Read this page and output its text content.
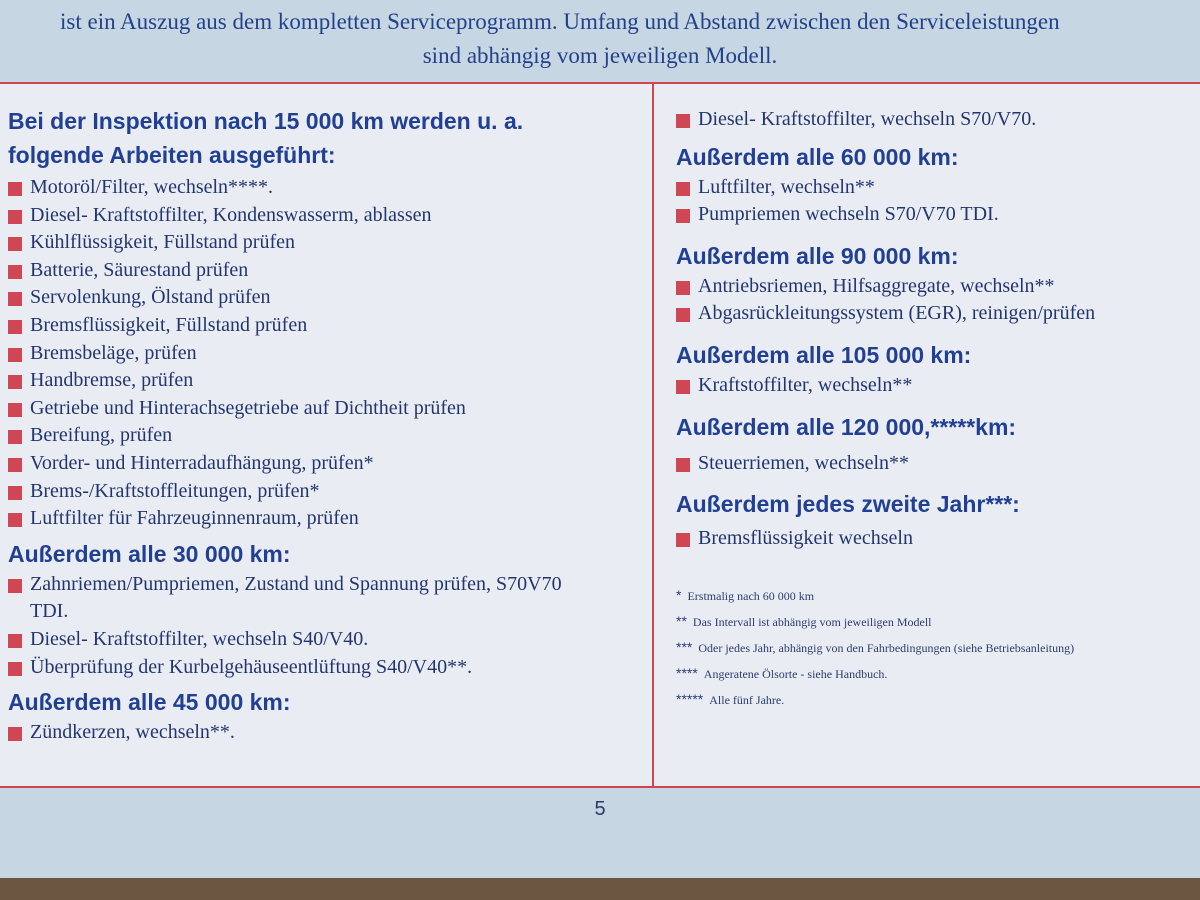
ist ein Auszug aus dem kompletten Serviceprogramm. Umfang und Abstand zwischen den Serviceleistungen

sind abhängig vom jeweiligen Modell.

Bei der Inspektion nach 15 000 km werden u. a.

folgende Arbeiten ausgeführt:

Motoröl/Filter, wechseln****.
Diesel- Kraftstoffilter, Kondenswasserm, ablassen
Kühlflüssigkeit, Füllstand prüfen
Batterie, Säurestand prüfen
Servolenkung, Ölstand prüfen
Bremsflüssigkeit, Füllstand prüfen
Bremsbeläge, prüfen
Handbremse, prüfen
Getriebe und Hinterachsegetriebe auf Dichtheit prüfen
Bereifung, prüfen
Vorder- und Hinterradaufhängung, prüfen*
Brems-/Kraftstoffleitungen, prüfen*
Luftfilter für Fahrzeuginnenraum, prüfen

Außerdem alle 30 000 km:

Zahnriemen/Pumpriemen, Zustand und Spannung prüfen, S70V70 TDI.
Diesel- Kraftstoffilter, wechseln S40/V40.
Überprüfung der Kurbelgehäuseentlüftung S40/V40**.

Außerdem alle 45 000 km:

Zündkerzen, wechseln**.
Diesel- Kraftstoffilter, wechseln S70/V70.

Außerdem alle 60 000 km:

Luftfilter, wechseln**
Pumpriemen wechseln S70/V70 TDI.

Außerdem alle 90 000 km:

Antriebsriemen, Hilfsaggregate, wechseln**
Abgasrückleitungssystem (EGR), reinigen/prüfen

Außerdem alle 105 000 km:

Kraftstoffilter, wechseln**

Außerdem alle 120 000,*****km:

Steuerriemen, wechseln**

Außerdem jedes zweite Jahr***:

Bremsflüssigkeit wechseln
* Erstmalig nach 60 000 km
** Das Intervall ist abhängig vom jeweiligen Modell
*** Oder jedes Jahr, abhängig von den Fahrbedingungen (siehe Betriebsanleitung)
**** Angeratene Ölsorte - siehe Handbuch.
***** Alle fünf Jahre.
5
